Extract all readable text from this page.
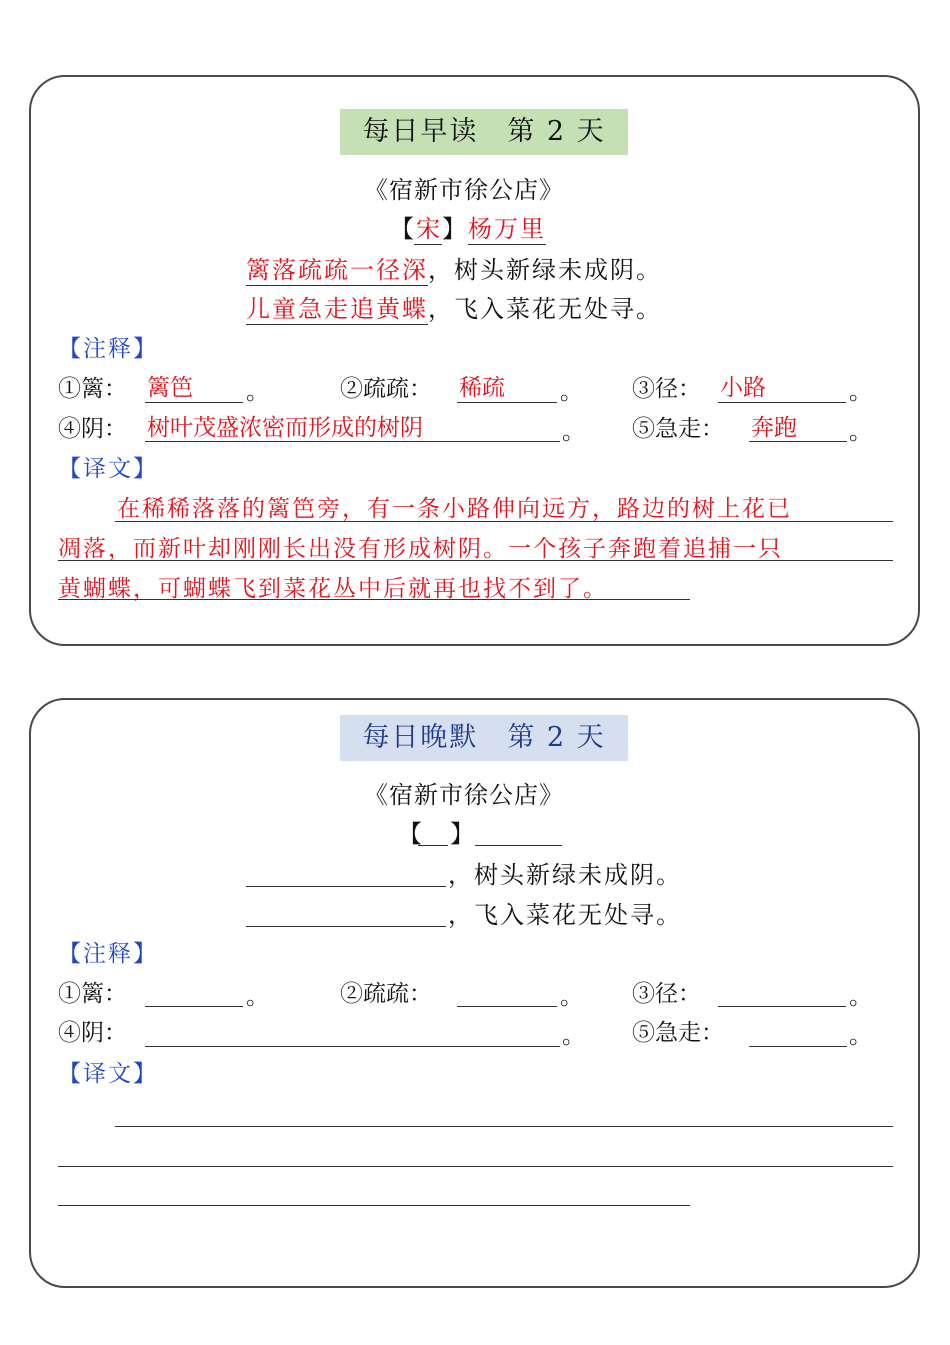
每日早读　第 2 天
《宿新市徐公店》
【宋】杨万里
篱落疏疏一径深，树头新绿未成阴。
儿童急走追黄蝶，飞入菜花无处寻。
【注释】
①篱： 篱笆 。	②疏疏： 稀疏 。 ③径： 小路	。
④阴： 树叶茂盛浓密而形成的树阴	。 ⑤急走： 奔跑 。
【译文】
在稀稀落落的篱笆旁，有一条小路伸向远方，路边的树上花已
凋落，而新叶却刚刚长出没有形成树阴。一个孩子奔跑着追捕一只
黄蝴蝶，可蝴蝶飞到菜花丛中后就再也找不到了。
每日晚默　第 2 天
《宿新市徐公店》
【 】
，树头新绿未成阴。
，飞入菜花无处寻。
【注释】
①篱：	。	②疏疏：	。 ③径：	。
④阴：	。 ⑤急走：	。
【译文】
